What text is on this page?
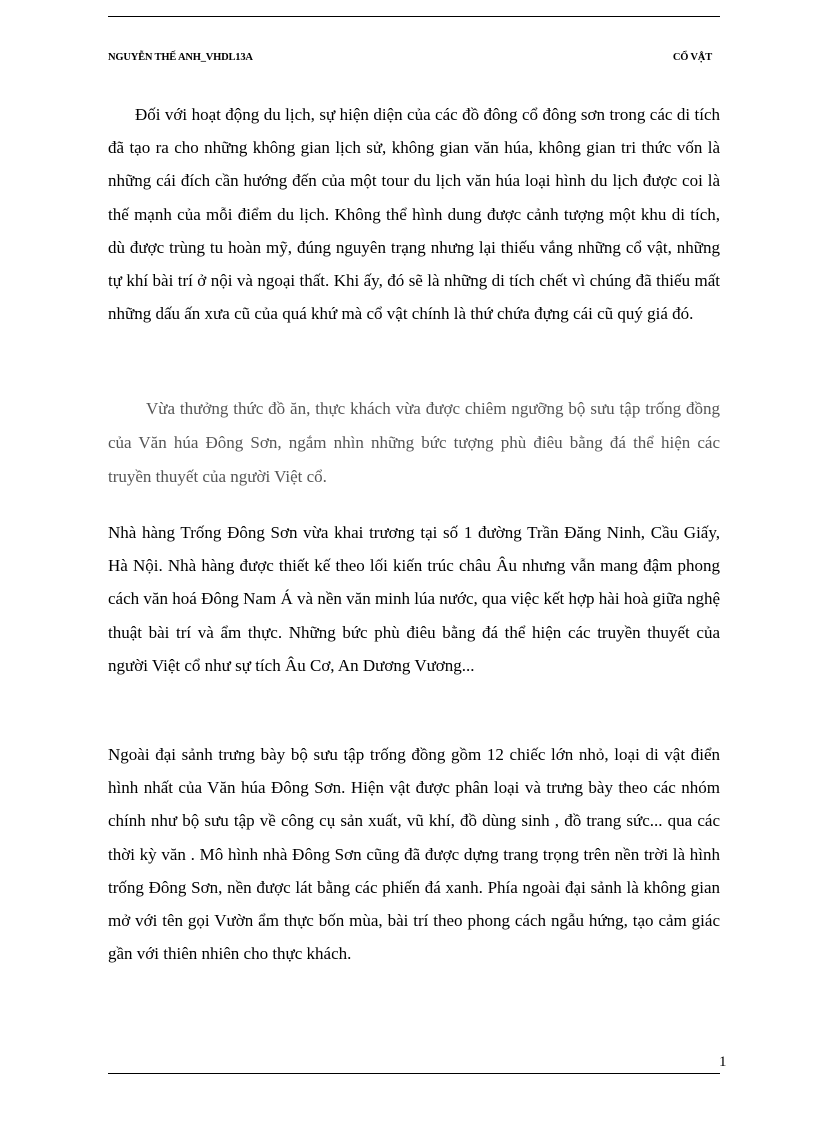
NGUYỄN THẾ ANH_VHDL13A	CỔ VẬT

Đối với hoạt động du lịch, sự hiện diện của các đồ đông cổ đông sơn trong các di tích đã tạo ra cho những không gian lịch sử, không gian văn húa, không gian tri thức vốn là những cái đích cần hướng đến của một tour du lịch văn húa loại hình du lịch được coi là thế mạnh của mỗi điểm du lịch. Không thể hình dung được cảnh tượng một khu di tích, dù được trùng tu hoàn mỹ, đúng nguyên trạng nhưng lại thiếu vắng những cổ vật, những tự khí bài trí ở nội và ngoại thất. Khi ấy, đó sẽ là những di tích chết vì chúng đã thiếu mất những dấu ấn xưa cũ của quá khứ mà cổ vật chính là thứ chứa đựng cái cũ quý giá đó.

Vừa thưởng thức đồ ăn, thực khách vừa được chiêm ngưỡng bộ sưu tập trống đồng của Văn húa Đông Sơn, ngắm nhìn những bức tượng phù điêu bằng đá thể hiện các truyền thuyết của người Việt cổ.

Nhà hàng Trống Đông Sơn vừa khai trương tại số 1 đường Trần Đăng Ninh, Cầu Giấy, Hà Nội. Nhà hàng được thiết kế theo lối kiến trúc châu Âu nhưng vẫn mang đậm phong cách văn hoá Đông Nam Á và nền văn minh lúa nước, qua việc kết hợp hài hoà giữa nghệ thuật bài trí và ẩm thực. Những bức phù điêu bằng đá thể hiện các truyền thuyết của người Việt cổ như sự tích Âu Cơ, An Dương Vương...

Ngoài đại sảnh trưng bày bộ sưu tập trống đồng gồm 12 chiếc lớn nhỏ, loại di vật điển hình nhất của Văn húa Đông Sơn. Hiện vật được phân loại và trưng bày theo các nhóm chính như bộ sưu tập về công cụ sản xuất, vũ khí, đồ dùng sinh , đồ trang sức... qua các thời kỳ văn . Mô hình nhà Đông Sơn cũng đã được dựng trang trọng trên nền trời là hình trống Đông Sơn, nền được lát bằng các phiến đá xanh. Phía ngoài đại sảnh là không gian mở với tên gọi Vườn ẩm thực bốn mùa, bài trí theo phong cách ngẫu hứng, tạo cảm giác gần với thiên nhiên cho thực khách.

1
